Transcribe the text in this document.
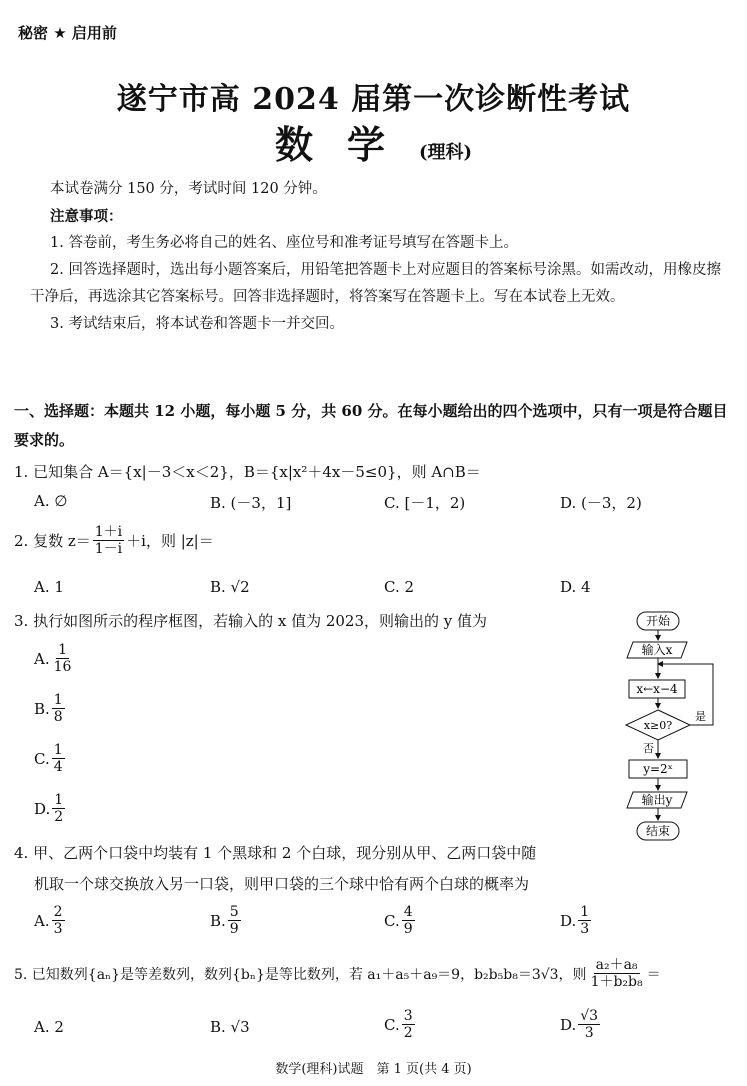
秘密 ★ 启用前
遂宁市高 2024 届第一次诊断性考试
数学(理科)

本试卷满分 150 分，考试时间 120 分钟。

注意事项：

1. 答卷前，考生务必将自己的姓名、座位号和准考证号填写在答题卡上。

2. 回答选择题时，选出每小题答案后，用铅笔把答题卡上对应题目的答案标号涂黑。如需改动，用橡皮擦干净后，再选涂其它答案标号。回答非选择题时，将答案写在答题卡上。写在本试卷上无效。

3. 考试结束后，将本试卷和答题卡一并交回。

一、选择题：本题共 12 小题，每小题 5 分，共 60 分。在每小题给出的四个选项中，只有一项是符合题目要求的。
1. 已知集合 A＝{x|－3＜x＜2}，B＝{x|x²＋4x－5≤0}，则 A∩B＝
A. ∅	B. (－3，1]	C. [－1，2)	D. (－3，2)
2. 复数 $z= \frac{1+i}{1-i} +i$，则 |z|＝
A. 1	B. √2	C. 2	D. 4
3. 执行如图所示的程序框图，若输入的 x 值为 2023，则输出的 y 值为
A. $\frac{1}{16}$
B. $\frac{1}{8}$
C. $\frac{1}{4}$
D. $\frac{1}{2}$
开始
输入x
x←x−4
x≥0?
是
否
y=2ˣ
输出y
结束
4. 甲、乙两个口袋中均装有 1 个黑球和 2 个白球，现分别从甲、乙两口袋中随
机取一个球交换放入另一口袋，则甲口袋的三个球中恰有两个白球的概率为
A. $\frac{2}{3}$	B. $\frac{5}{9}$	C. $\frac{4}{9}$	D. $\frac{1}{3}$
5. 已知数列{aₙ}是等差数列，数列{bₙ}是等比数列，若 a₁＋a₅＋a₉＝9，b₂b₅b₈＝3√3，则 $\frac{\text{a₂＋a₈}}{\text{1＋b₂b₈}}$ ＝
A. 2	B. √3	C. $\frac{3}{2}$	D. $\frac{√3}{3}$
数学(理科)试题　第 1 页(共 4 页)
